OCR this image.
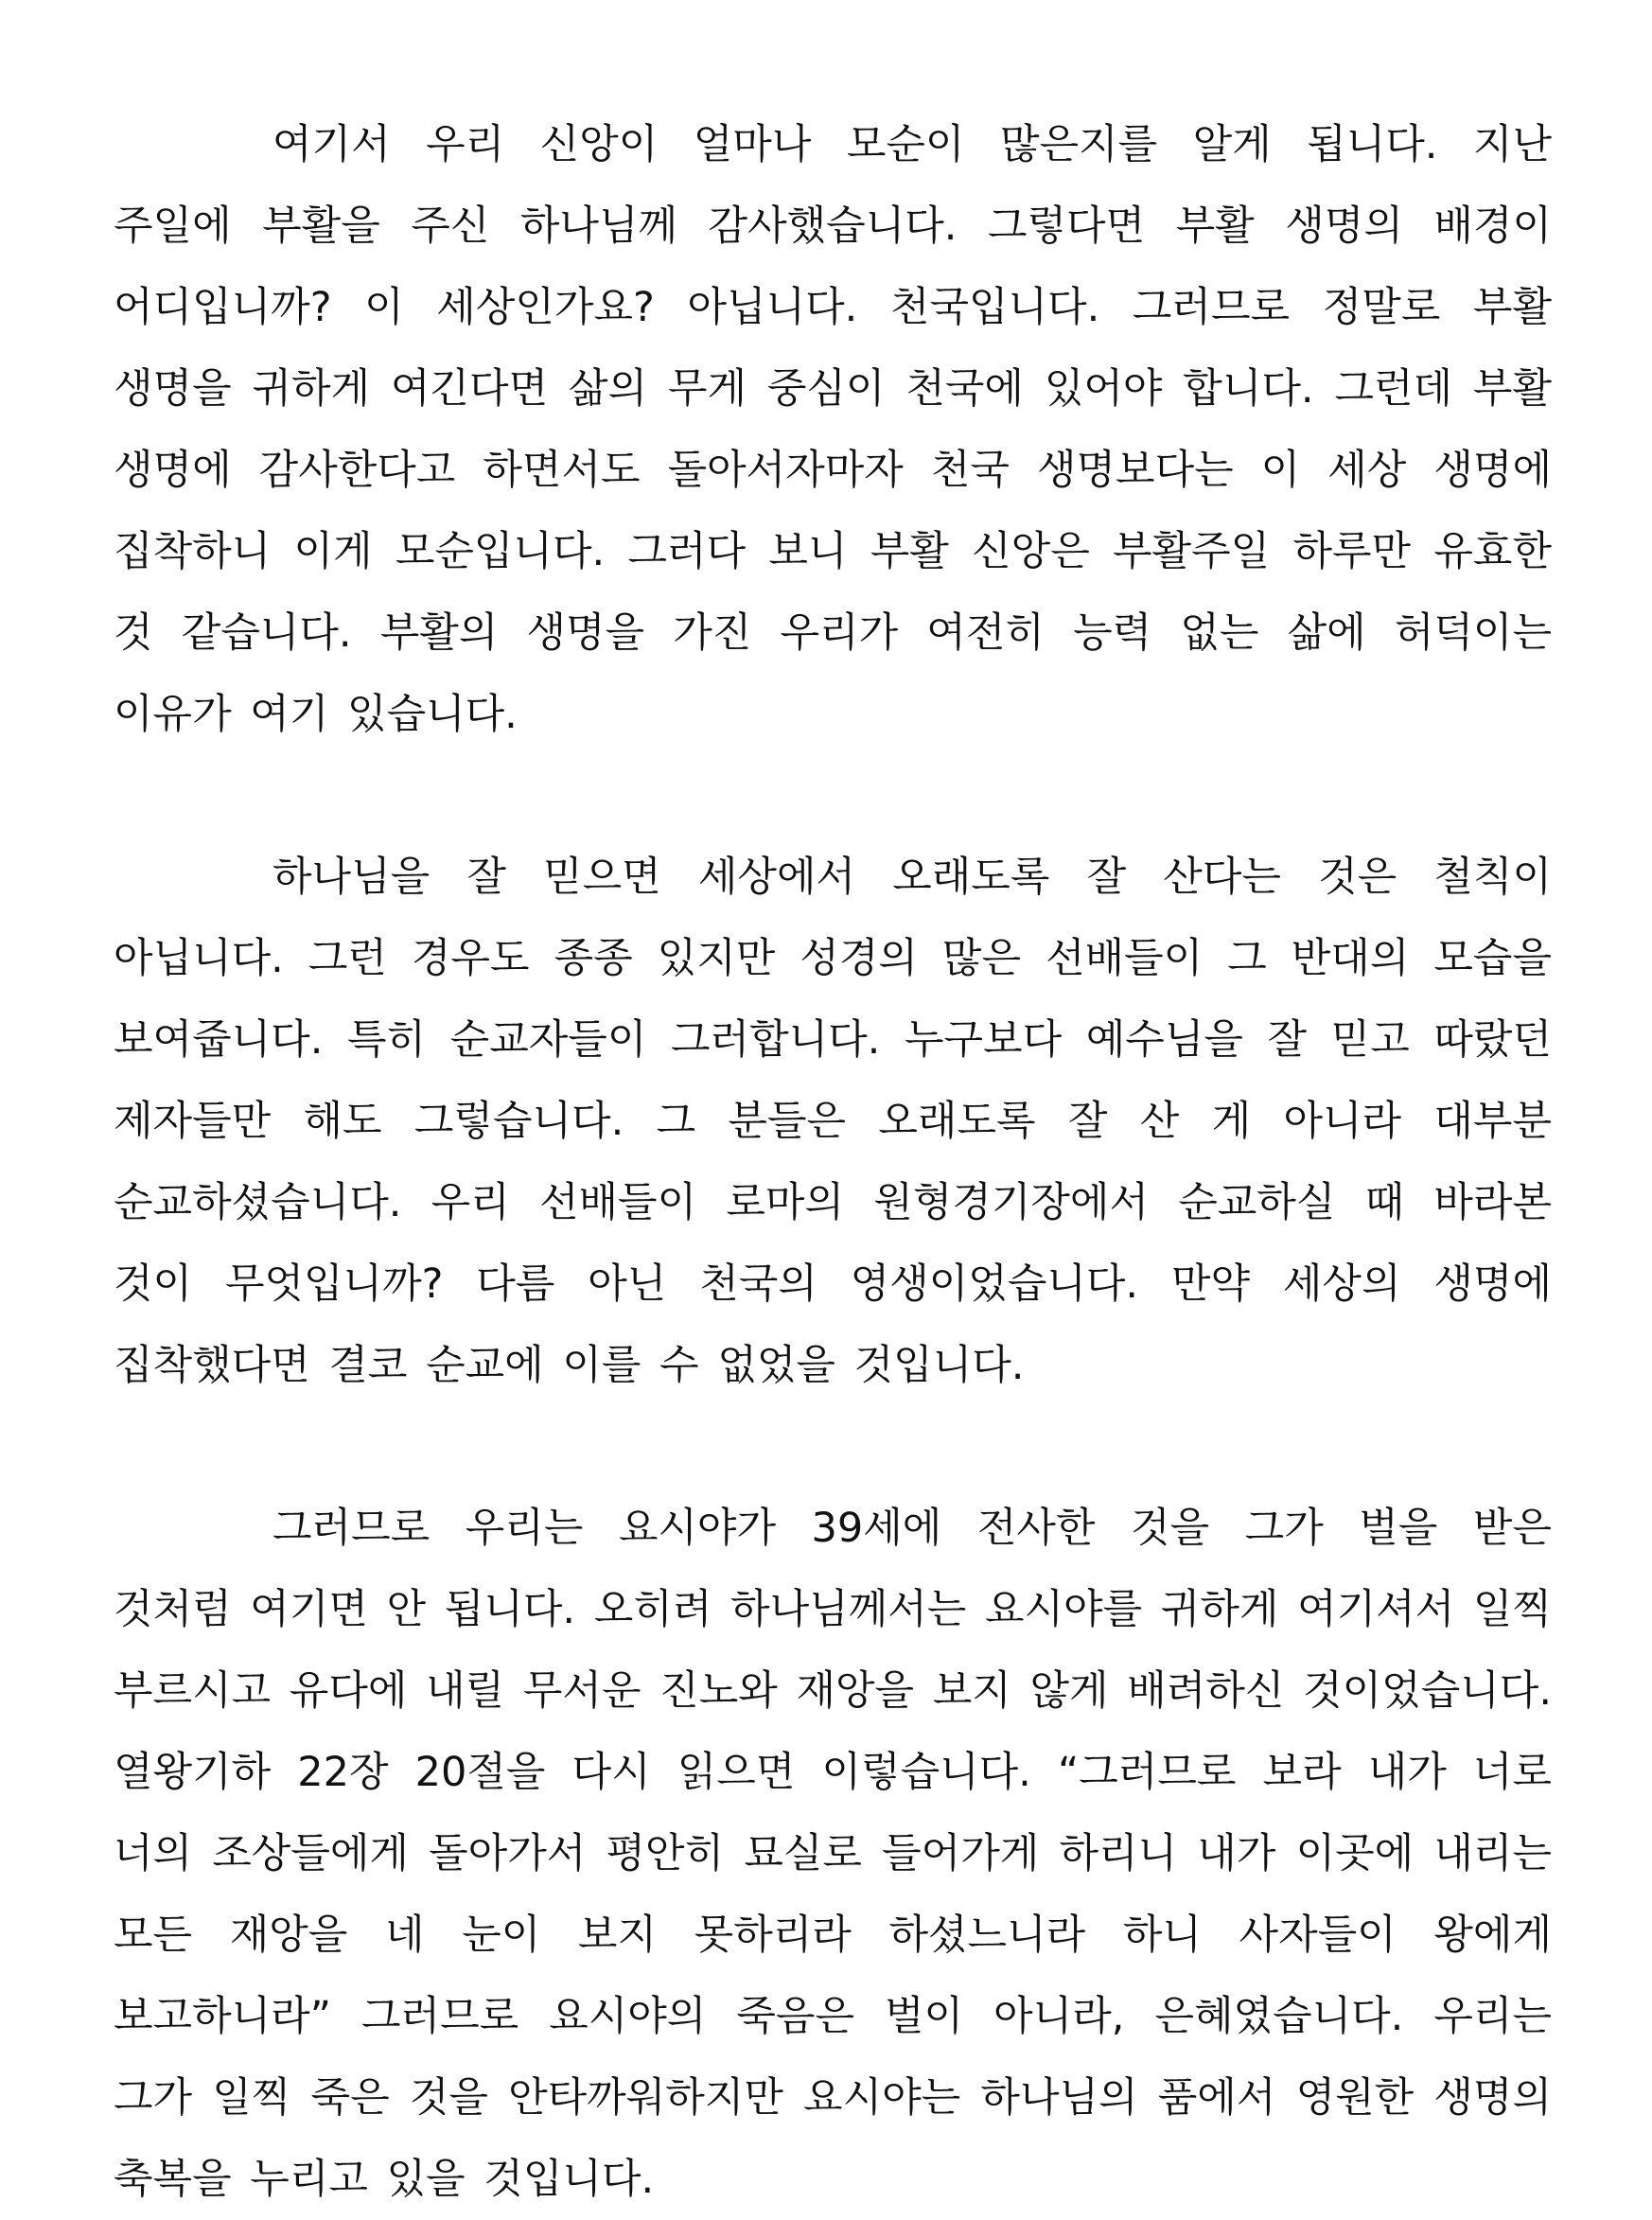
여기서 우리 신앙이 얼마나 모순이 많은지를 알게 됩니다. 지난 주일에 부활을 주신 하나님께 감사했습니다. 그렇다면 부활 생명의 배경이 어디입니까? 이 세상인가요? 아닙니다. 천국입니다. 그러므로 정말로 부활 생명을 귀하게 여긴다면 삶의 무게 중심이 천국에 있어야 합니다. 그런데 부활 생명에 감사한다고 하면서도 돌아서자마자 천국 생명보다는 이 세상 생명에 집착하니 이게 모순입니다. 그러다 보니 부활 신앙은 부활주일 하루만 유효한 것 같습니다. 부활의 생명을 가진 우리가 여전히 능력 없는 삶에 허덕이는 이유가 여기 있습니다.

하나님을 잘 믿으면 세상에서 오래도록 잘 산다는 것은 철칙이 아닙니다. 그런 경우도 종종 있지만 성경의 많은 선배들이 그 반대의 모습을 보여줍니다. 특히 순교자들이 그러합니다. 누구보다 예수님을 잘 믿고 따랐던 제자들만 해도 그렇습니다. 그 분들은 오래도록 잘 산 게 아니라 대부분 순교하셨습니다. 우리 선배들이 로마의 원형경기장에서 순교하실 때 바라본 것이 무엇입니까? 다름 아닌 천국의 영생이었습니다. 만약 세상의 생명에 집착했다면 결코 순교에 이를 수 없었을 것입니다.

그러므로 우리는 요시야가 39세에 전사한 것을 그가 벌을 받은 것처럼 여기면 안 됩니다. 오히려 하나님께서는 요시야를 귀하게 여기셔서 일찍 부르시고 유다에 내릴 무서운 진노와 재앙을 보지 않게 배려하신 것이었습니다. 열왕기하 22장 20절을 다시 읽으면 이렇습니다. “그러므로 보라 내가 너로 너의 조상들에게 돌아가서 평안히 묘실로 들어가게 하리니 내가 이곳에 내리는 모든 재앙을 네 눈이 보지 못하리라 하셨느니라 하니 사자들이 왕에게 보고하니라” 그러므로 요시야의 죽음은 벌이 아니라, 은혜였습니다. 우리는 그가 일찍 죽은 것을 안타까워하지만 요시야는 하나님의 품에서 영원한 생명의 축복을 누리고 있을 것입니다.
